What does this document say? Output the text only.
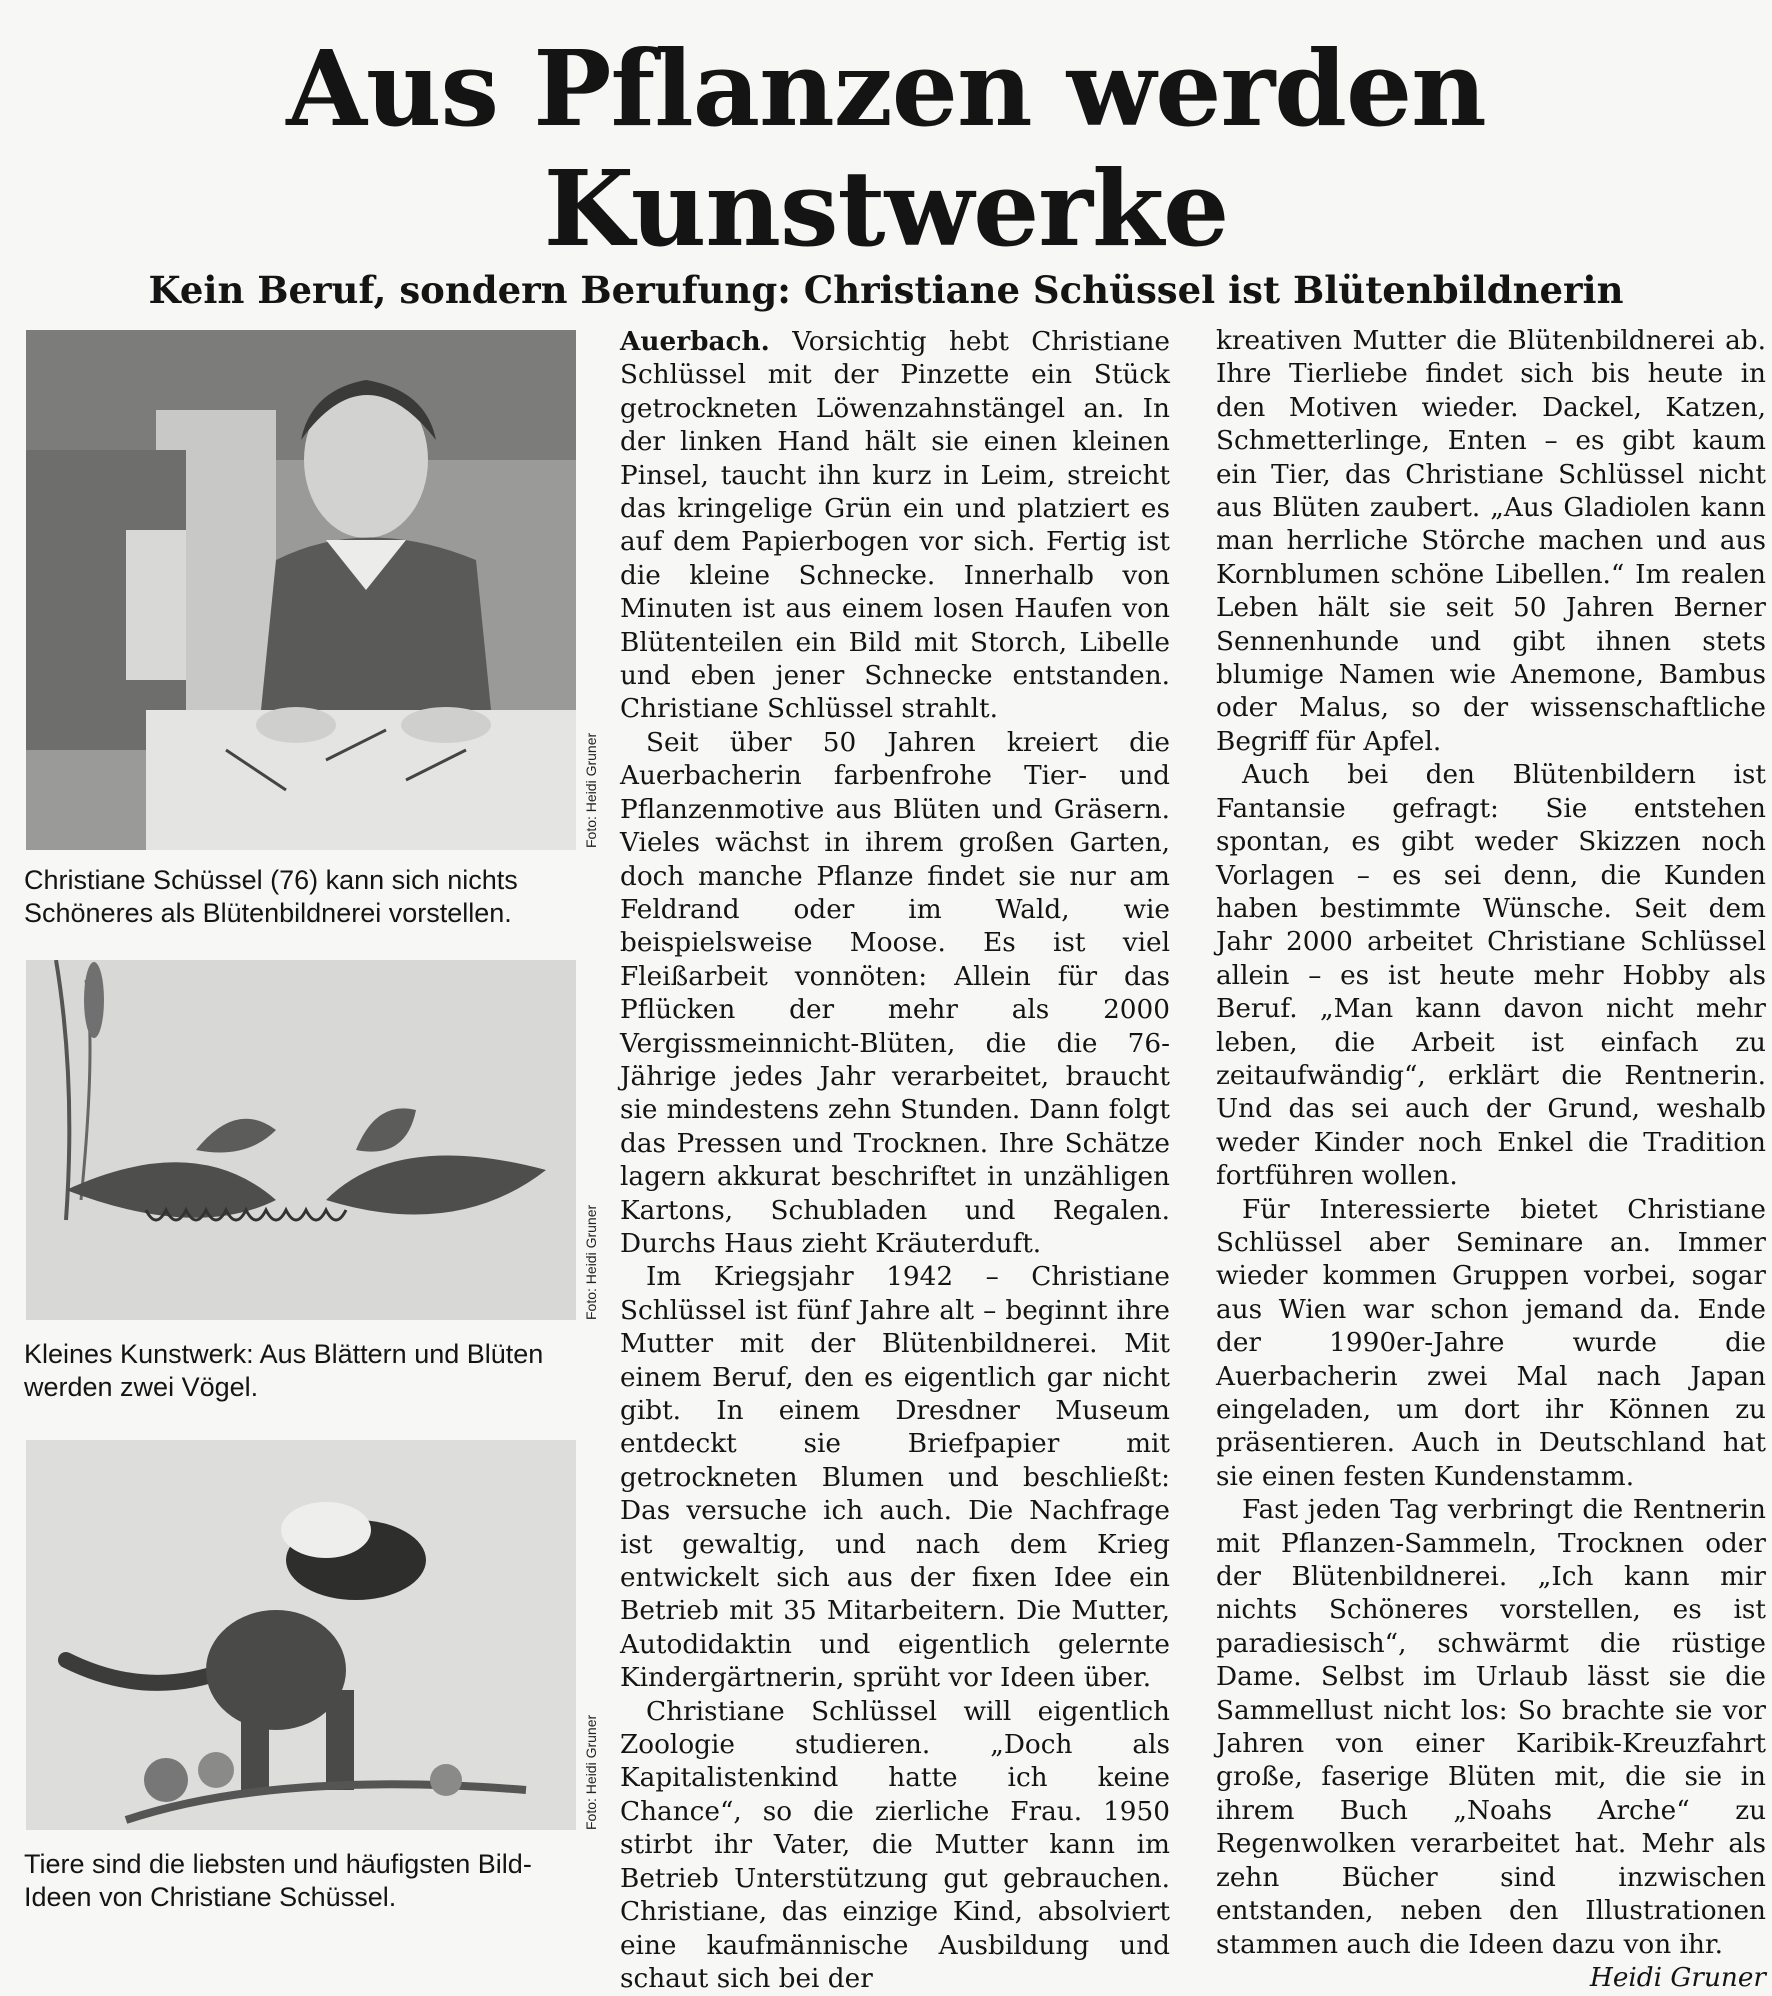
Aus Pflanzen werden
Kunstwerke
Kein Beruf, sondern Berufung: Christiane Schüssel ist Blütenbildnerin
Foto: Heidi Gruner

Christiane Schüssel (76) kann sich nichts Schöneres als Blütenbildnerei vorstellen.

Foto: Heidi Gruner

Kleines Kunstwerk: Aus Blättern und Blüten werden zwei Vögel.

Foto: Heidi Gruner

Tiere sind die liebsten und häufigsten Bild-Ideen von Christiane Schüssel.

Auerbach. Vorsichtig hebt Christiane Schlüssel mit der Pinzette ein Stück getrockneten Löwenzahnstängel an. In der linken Hand hält sie einen kleinen Pinsel, taucht ihn kurz in Leim, streicht das kringelige Grün ein und platziert es auf dem Papierbogen vor sich. Fertig ist die kleine Schnecke. Innerhalb von Minuten ist aus einem losen Haufen von Blütenteilen ein Bild mit Storch, Libelle und eben jener Schnecke entstanden. Christiane Schlüssel strahlt.

Seit über 50 Jahren kreiert die Auerbacherin farbenfrohe Tier- und Pflanzenmotive aus Blüten und Gräsern. Vieles wächst in ihrem großen Garten, doch manche Pflanze findet sie nur am Feldrand oder im Wald, wie beispielsweise Moose. Es ist viel Fleißarbeit vonnöten: Allein für das Pflücken der mehr als 2000 Vergissmeinnicht-Blüten, die die 76-Jährige jedes Jahr verarbeitet, braucht sie mindestens zehn Stunden. Dann folgt das Pressen und Trocknen. Ihre Schätze lagern akkurat beschriftet in unzähligen Kartons, Schubladen und Regalen. Durchs Haus zieht Kräuterduft.

Im Kriegsjahr 1942 – Christiane Schlüssel ist fünf Jahre alt – beginnt ihre Mutter mit der Blütenbildnerei. Mit einem Beruf, den es eigentlich gar nicht gibt. In einem Dresdner Museum entdeckt sie Briefpapier mit getrockneten Blumen und beschließt: Das versuche ich auch. Die Nachfrage ist gewaltig, und nach dem Krieg entwickelt sich aus der fixen Idee ein Betrieb mit 35 Mitarbeitern. Die Mutter, Autodidaktin und eigentlich gelernte Kindergärtnerin, sprüht vor Ideen über.

Christiane Schlüssel will eigentlich Zoologie studieren. „Doch als Kapitalistenkind hatte ich keine Chance“, so die zierliche Frau. 1950 stirbt ihr Vater, die Mutter kann im Betrieb Unterstützung gut gebrauchen. Christiane, das einzige Kind, absolviert eine kaufmännische Ausbildung und schaut sich bei der

kreativen Mutter die Blütenbildnerei ab. Ihre Tierliebe findet sich bis heute in den Motiven wieder. Dackel, Katzen, Schmetterlinge, Enten – es gibt kaum ein Tier, das Christiane Schlüssel nicht aus Blüten zaubert. „Aus Gladiolen kann man herrliche Störche machen und aus Kornblumen schöne Libellen.“ Im realen Leben hält sie seit 50 Jahren Berner Sennenhunde und gibt ihnen stets blumige Namen wie Anemone, Bambus oder Malus, so der wissenschaftliche Begriff für Apfel.

Auch bei den Blütenbildern ist Fantansie gefragt: Sie entstehen spontan, es gibt weder Skizzen noch Vorlagen – es sei denn, die Kunden haben bestimmte Wünsche. Seit dem Jahr 2000 arbeitet Christiane Schlüssel allein – es ist heute mehr Hobby als Beruf. „Man kann davon nicht mehr leben, die Arbeit ist einfach zu zeitaufwändig“, erklärt die Rentnerin. Und das sei auch der Grund, weshalb weder Kinder noch Enkel die Tradition fortführen wollen.

Für Interessierte bietet Christiane Schlüssel aber Seminare an. Immer wieder kommen Gruppen vorbei, sogar aus Wien war schon jemand da. Ende der 1990er-Jahre wurde die Auerbacherin zwei Mal nach Japan eingeladen, um dort ihr Können zu präsentieren. Auch in Deutschland hat sie einen festen Kundenstamm.

Fast jeden Tag verbringt die Rentnerin mit Pflanzen-Sammeln, Trocknen oder der Blütenbildnerei. „Ich kann mir nichts Schöneres vorstellen, es ist paradiesisch“, schwärmt die rüstige Dame. Selbst im Urlaub lässt sie die Sammellust nicht los: So brachte sie vor Jahren von einer Karibik-Kreuzfahrt große, faserige Blüten mit, die sie in ihrem Buch „Noahs Arche“ zu Regenwolken verarbeitet hat. Mehr als zehn Bücher sind inzwischen entstanden, neben den Illustrationen stammen auch die Ideen dazu von ihr.

Heidi Gruner
